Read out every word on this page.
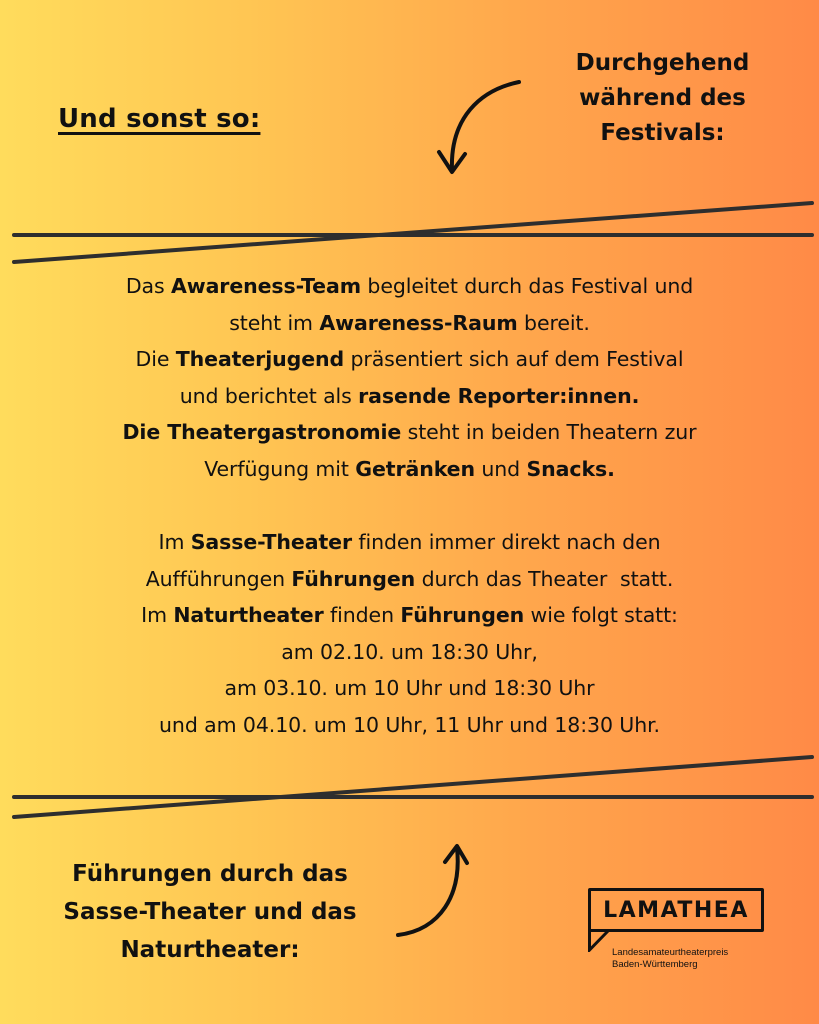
Und sonst so:
Durchgehend
während des
Festivals:

Das Awareness-Team begleitet durch das Festival und

steht im Awareness-Raum bereit.

Die Theaterjugend präsentiert sich auf dem Festival

und berichtet als rasende Reporter:innen.

Die Theatergastronomie steht in beiden Theatern zur

Verfügung mit Getränken und Snacks.

Im Sasse-Theater finden immer direkt nach den

Aufführungen Führungen durch das Theater  statt.

Im Naturtheater finden Führungen wie folgt statt:

am 02.10. um 18:30 Uhr,

am 03.10. um 10 Uhr und 18:30 Uhr

und am 04.10. um 10 Uhr, 11 Uhr und 18:30 Uhr.

Führungen durch das
Sasse-Theater und das
Naturtheater:
LAMATHEA
Landesamateurtheaterpreis
Baden-Württemberg
